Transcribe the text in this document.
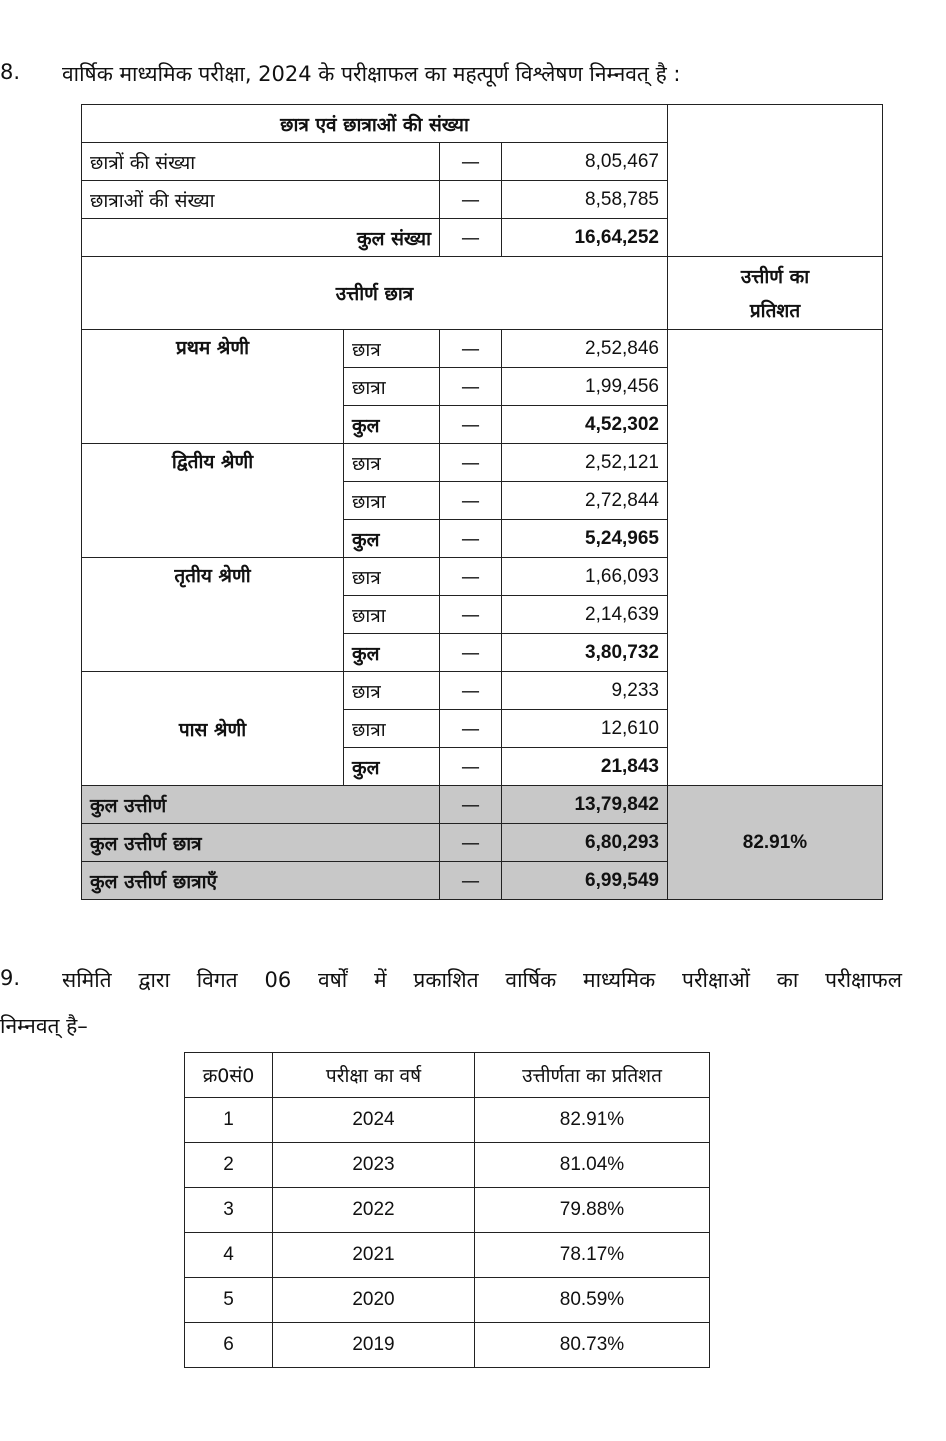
8. वार्षिक माध्यमिक परीक्षा, 2024 के परीक्षाफल का महत्पूर्ण विश्लेषण निम्नवत् है :
छात्र एवं छात्राओं की संख्या				
छात्रों की संख्या		—	8,05,467	
छात्राओं की संख्या		—	8,58,785	
कुल संख्या		—	16,64,252	
उत्तीर्ण छात्र				उत्तीर्ण का
प्रतिशत

प्रथम श्रेणी	छात्र	—	2,52,846	
	छात्रा	—	1,99,456	
	कुल	—	4,52,302	
द्वितीय श्रेणी	छात्र	—	2,52,121	
	छात्रा	—	2,72,844	
	कुल	—	5,24,965	
तृतीय श्रेणी	छात्र	—	1,66,093	
	छात्रा	—	2,14,639	
	कुल	—	3,80,732	
पास श्रेणी	छात्र	—	9,233	
	छात्रा	—	12,610	
	कुल	—	21,843	
कुल उत्तीर्ण		—	13,79,842	82.91%
कुल उत्तीर्ण छात्र		—	6,80,293	
कुल उत्तीर्ण छात्राएँ		—	6,99,549	
9. समिति द्वारा विगत 06 वर्षों में प्रकाशित वार्षिक माध्यमिक परीक्षाओं का परीक्षाफल
निम्नवत् है–
क्र0सं0	परीक्षा का वर्ष	उत्तीर्णता का प्रतिशत
1	2024	82.91%
2	2023	81.04%
3	2022	79.88%
4	2021	78.17%
5	2020	80.59%
6	2019	80.73%
